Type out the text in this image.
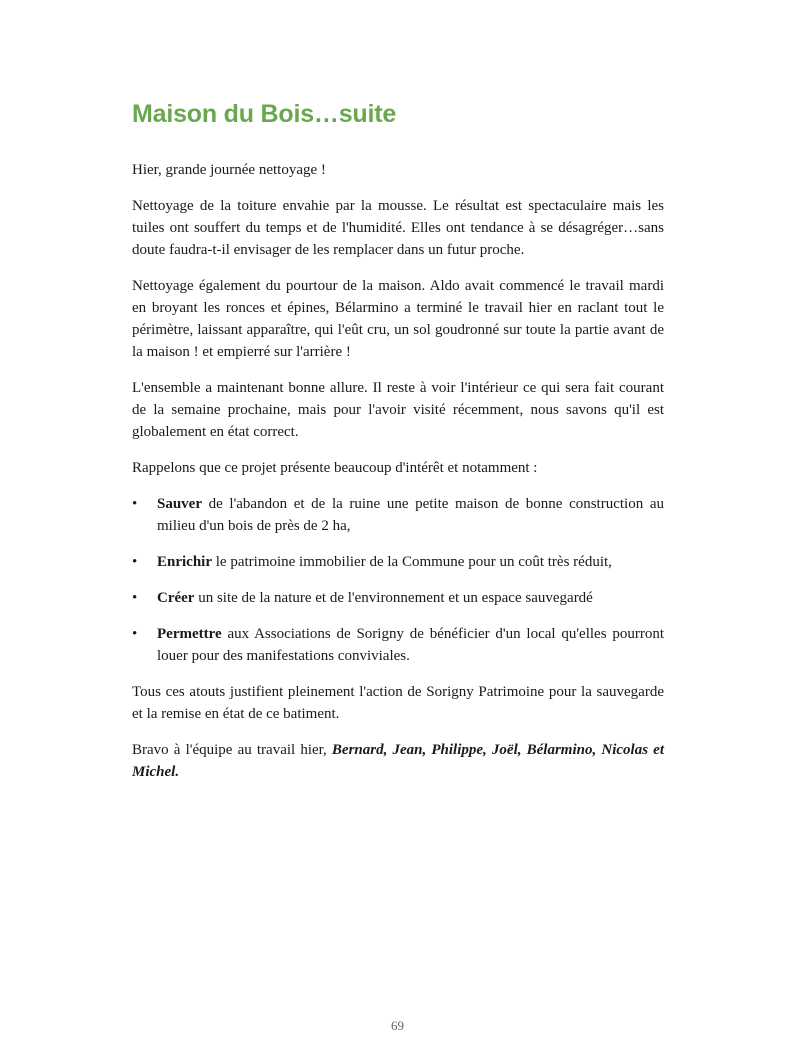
Maison du Bois…suite

Hier, grande journée nettoyage !

Nettoyage de la toiture envahie par la mousse. Le résultat est spectaculaire mais les tuiles ont souffert du temps et de l'humidité. Elles ont tendance à se désagréger…sans doute faudra-t-il envisager de les remplacer dans un futur proche.

Nettoyage également du pourtour de la maison. Aldo avait commencé le travail mardi en broyant les ronces et épines, Bélarmino a terminé le travail hier en raclant tout le périmètre, laissant apparaître, qui l'eût cru, un sol goudronné sur toute la partie avant de la maison ! et empierré sur l'arrière !

L'ensemble a maintenant bonne allure. Il reste à voir l'intérieur ce qui sera fait courant de la semaine prochaine, mais pour l'avoir visité récemment, nous savons qu'il est globalement en état correct.

Rappelons que ce projet présente beaucoup d'intérêt et notamment :

• Sauver de l'abandon et de la ruine une petite maison de bonne construction au milieu d'un bois de près de 2 ha,
• Enrichir le patrimoine immobilier de la Commune pour un coût très réduit,
• Créer un site de la nature et de l'environnement et un espace sauvegardé
• Permettre aux Associations de Sorigny de bénéficier d'un local qu'elles pourront louer pour des manifestations conviviales.

Tous ces atouts justifient pleinement l'action de Sorigny Patrimoine pour la sauvegarde et la remise en état de ce batiment.

Bravo à l'équipe au travail hier, Bernard, Jean, Philippe, Joël, Bélarmino, Nicolas et Michel.

69
